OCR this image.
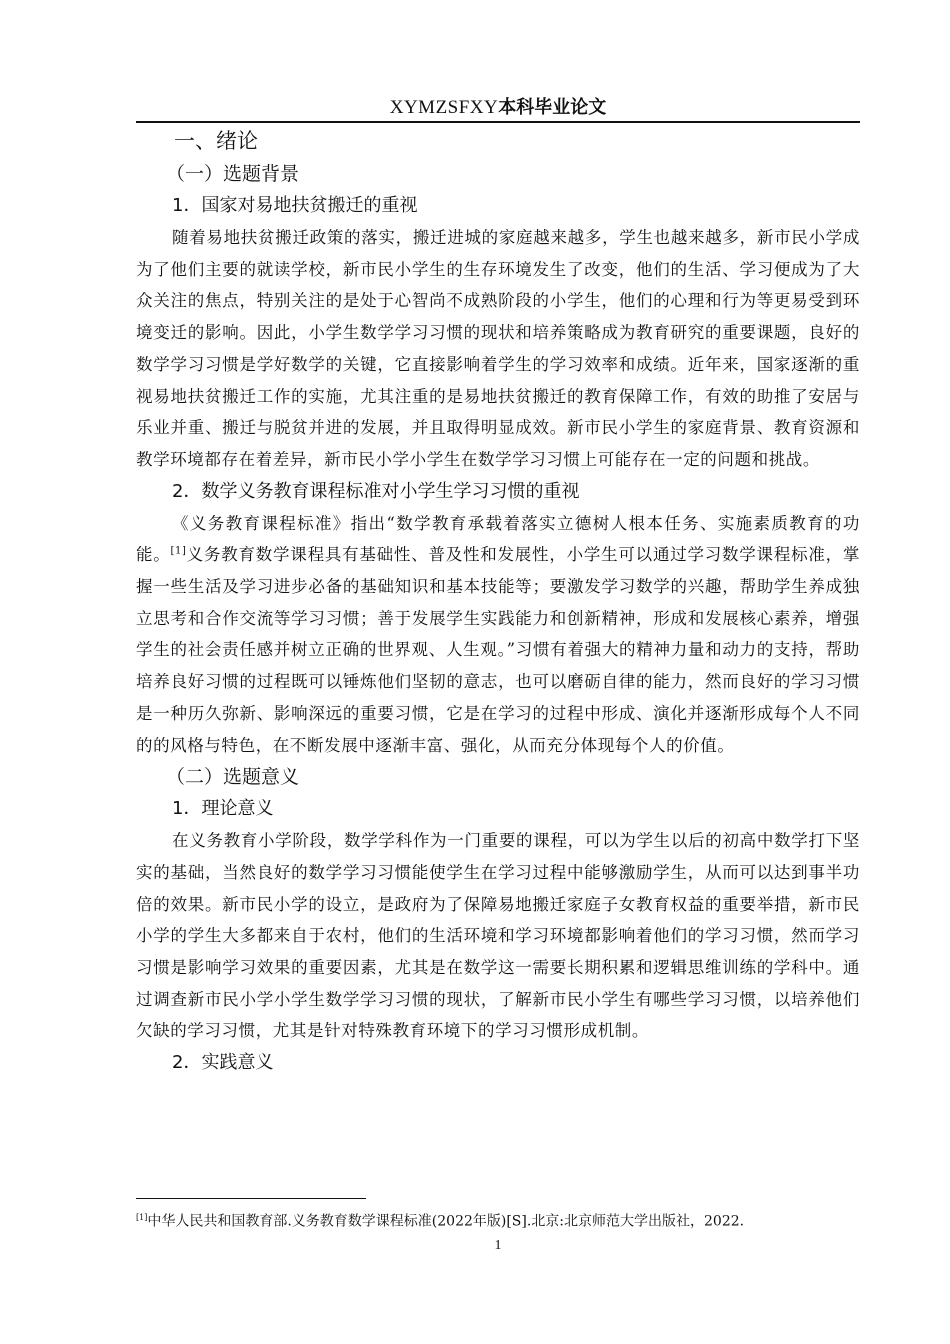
XYMZSFXY本科毕业论文
一、绪论
（一）选题背景
1．国家对易地扶贫搬迁的重视

随着易地扶贫搬迁政策的落实，搬迁进城的家庭越来越多，学生也越来越多，新市民小学成为了他们主要的就读学校，新市民小学生的生存环境发生了改变，他们的生活、学习便成为了大众关注的焦点，特别关注的是处于心智尚不成熟阶段的小学生，他们的心理和行为等更易受到环境变迁的影响。因此，小学生数学学习习惯的现状和培养策略成为教育研究的重要课题，良好的数学学习习惯是学好数学的关键，它直接影响着学生的学习效率和成绩。近年来，国家逐渐的重视易地扶贫搬迁工作的实施，尤其注重的是易地扶贫搬迁的教育保障工作，有效的助推了安居与乐业并重、搬迁与脱贫并进的发展，并且取得明显成效。新市民小学生的家庭背景、教育资源和教学环境都存在着差异，新市民小学小学生在数学学习习惯上可能存在一定的问题和挑战。

2．数学义务教育课程标准对小学生学习习惯的重视

《义务教育课程标准》指出“数学教育承载着落实立德树人根本任务、实施素质教育的功能。[1]义务教育数学课程具有基础性、普及性和发展性，小学生可以通过学习数学课程标准，掌握一些生活及学习进步必备的基础知识和基本技能等；要激发学习数学的兴趣，帮助学生养成独立思考和合作交流等学习习惯；善于发展学生实践能力和创新精神，形成和发展核心素养，增强学生的社会责任感并树立正确的世界观、人生观。”习惯有着强大的精神力量和动力的支持，帮助培养良好习惯的过程既可以锤炼他们坚韧的意志，也可以磨砺自律的能力，然而良好的学习习惯是一种历久弥新、影响深远的重要习惯，它是在学习的过程中形成、演化并逐渐形成每个人不同的的风格与特色，在不断发展中逐渐丰富、强化，从而充分体现每个人的价值。

（二）选题意义
1．理论意义

在义务教育小学阶段，数学学科作为一门重要的课程，可以为学生以后的初高中数学打下坚实的基础，当然良好的数学学习习惯能使学生在学习过程中能够激励学生，从而可以达到事半功倍的效果。新市民小学的设立，是政府为了保障易地搬迁家庭子女教育权益的重要举措，新市民小学的学生大多都来自于农村，他们的生活环境和学习环境都影响着他们的学习习惯，然而学习习惯是影响学习效果的重要因素，尤其是在数学这一需要长期积累和逻辑思维训练的学科中。通过调查新市民小学小学生数学学习习惯的现状，了解新市民小学生有哪些学习习惯，以培养他们欠缺的学习习惯，尤其是针对特殊教育环境下的学习习惯形成机制。

2．实践意义
[1]中华人民共和国教育部.义务教育数学课程标准(2022年版)[S].北京:北京师范大学出版社，2022.
1
